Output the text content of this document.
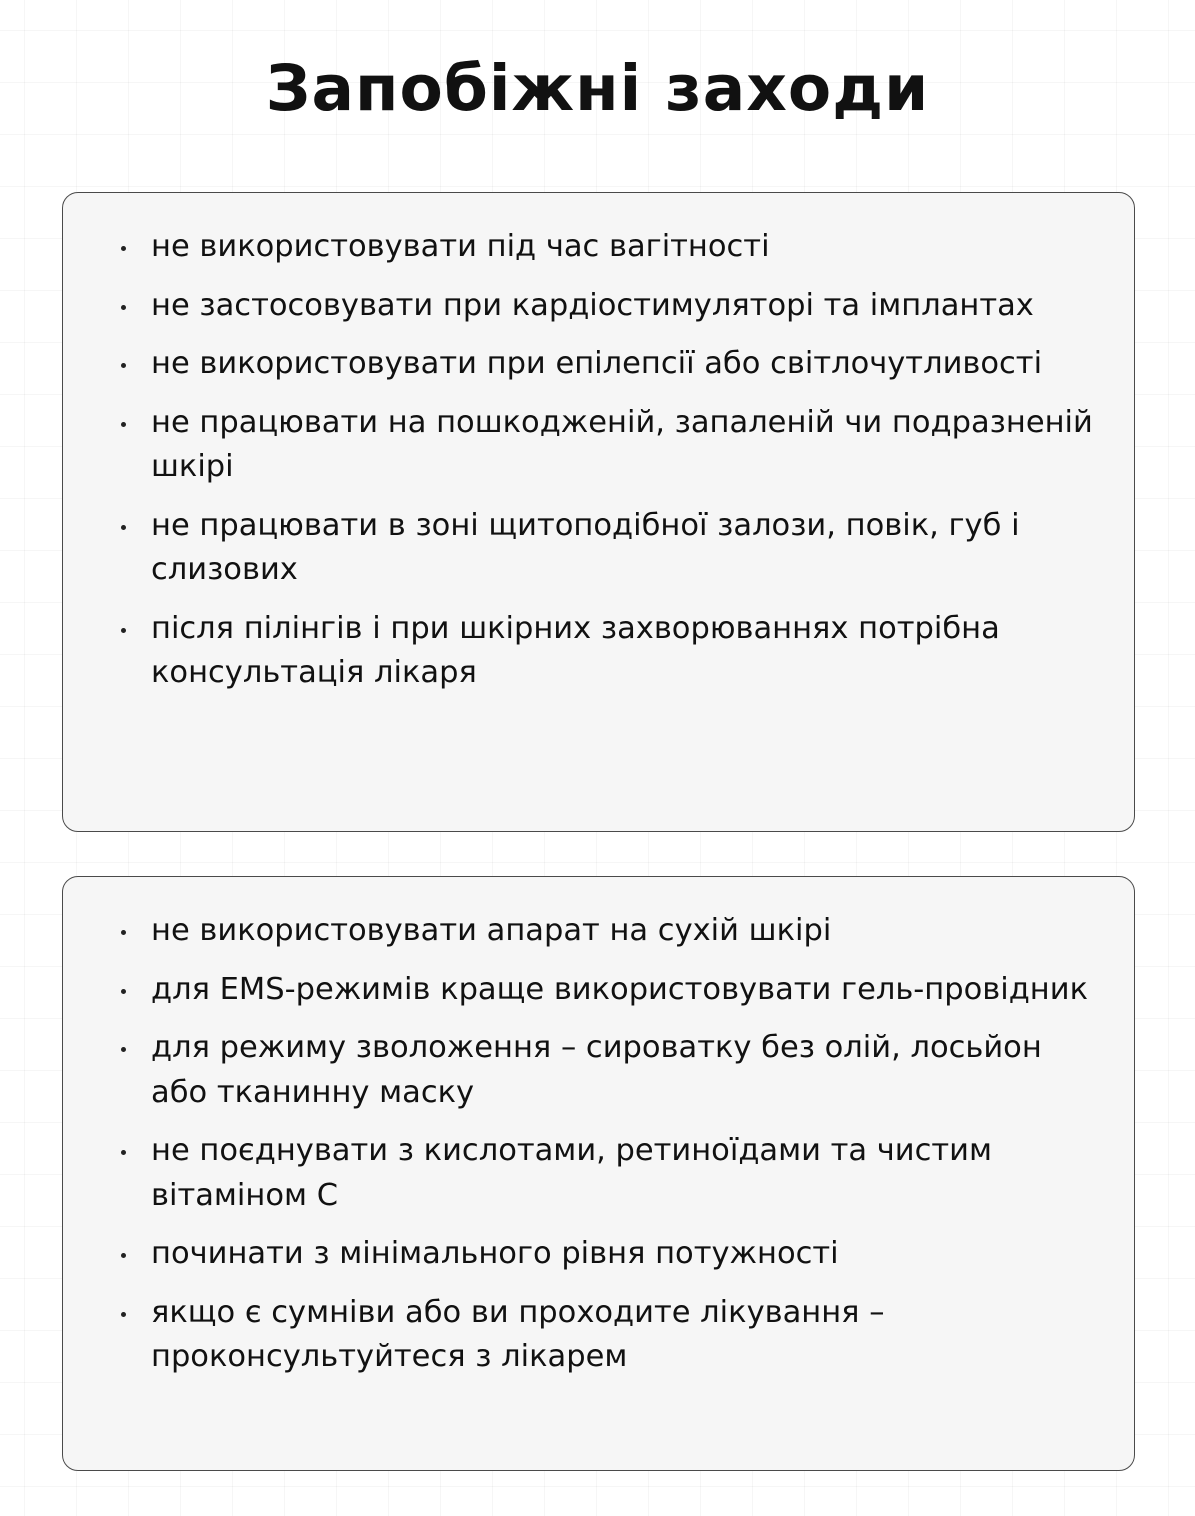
Запобіжні заходи
не використовувати під час вагітності
не застосовувати при кардіостимуляторі та імплантах
не використовувати при епілепсії або світлочутливості
не працювати на пошкодженій, запаленій чи подразненій шкірі
не працювати в зоні щитоподібної залози, повік, губ і слизових
після пілінгів і при шкірних захворюваннях потрібна консультація лікаря
не використовувати апарат на сухій шкірі
для EMS-режимів краще використовувати гель-провідник
для режиму зволоження – сироватку без олій, лосьйон або тканинну маску
не поєднувати з кислотами, ретиноїдами та чистим вітаміном С
починати з мінімального рівня потужності
якщо є сумніви або ви проходите лікування – проконсультуйтеся з лікарем
